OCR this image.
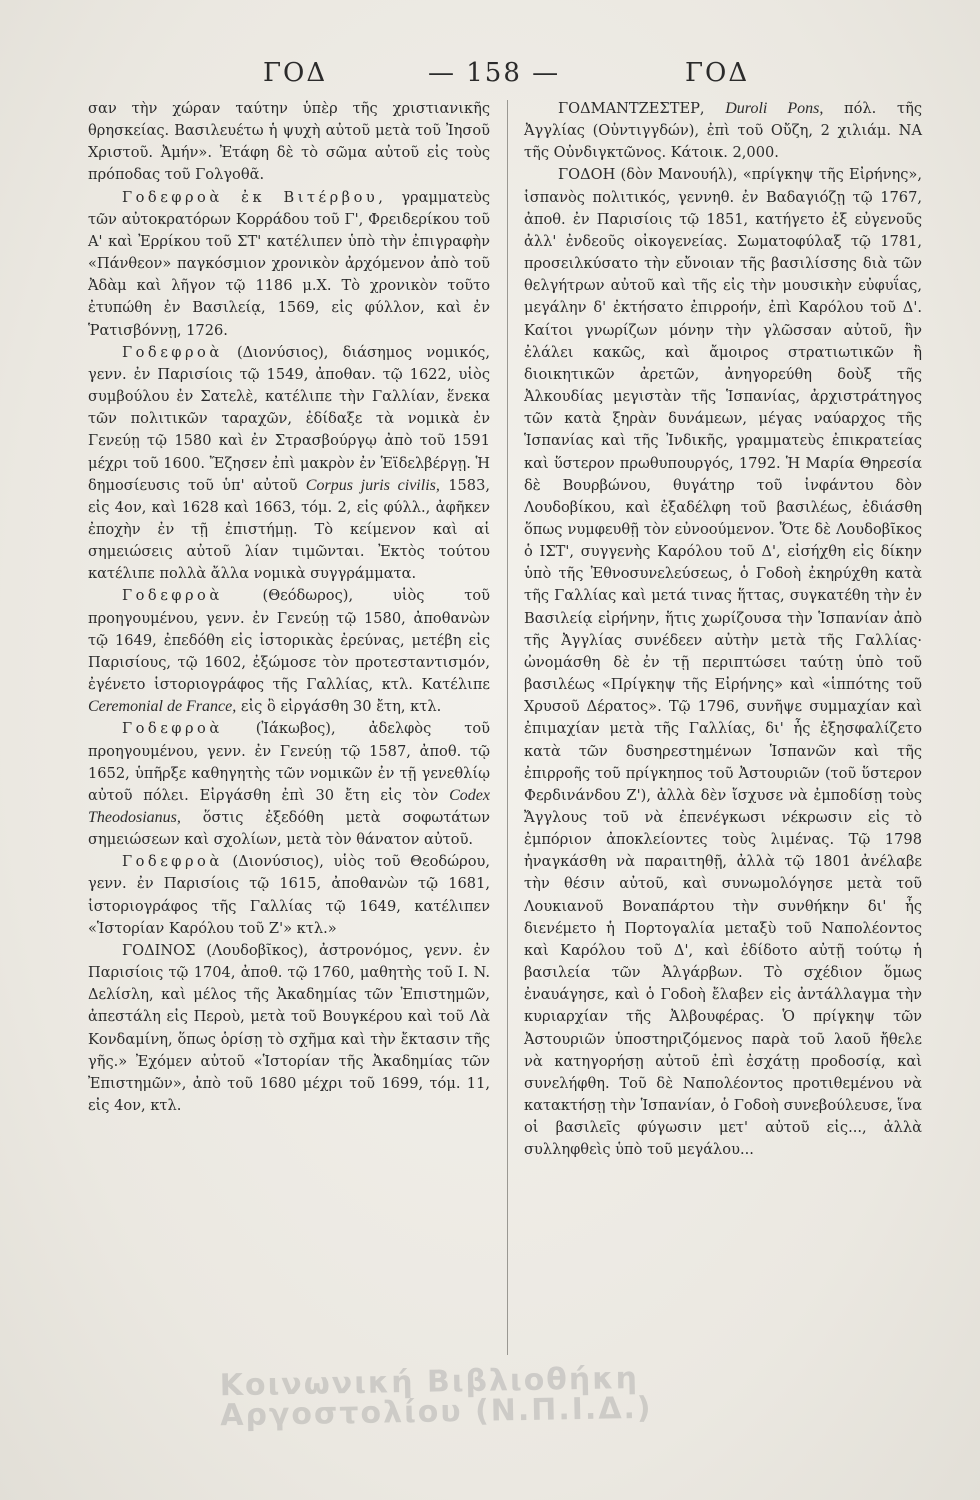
ΓΟΔ	— 158 —	ΓΟΔ

σαν τὴν χώραν ταύτην ὑπὲρ τῆς χριστιανικῆς θρησκείας. Βασιλευέτω ἡ ψυχὴ αὐτοῦ μετὰ τοῦ Ἰησοῦ Χριστοῦ. Ἀμήν». Ἐτάφη δὲ τὸ σῶμα αὐτοῦ εἰς τοὺς πρόποδας τοῦ Γολγοθᾶ.

Γοδεφροὰ ἐκ Βιτέρβου, γραμματεὺς τῶν αὐτοκρατόρων Κορράδου τοῦ Γ', Φρειδερίκου τοῦ Α' καὶ Ἐρρίκου τοῦ ΣΤ' κατέλιπεν ὑπὸ τὴν ἐπιγραφὴν «Πάνθεον» παγκόσμιον χρονικὸν ἀρχόμενον ἀπὸ τοῦ Ἀδὰμ καὶ λῆγον τῷ 1186 μ.Χ. Τὸ χρονικὸν τοῦτο ἐτυπώθη ἐν Βασιλείᾳ, 1569, εἰς φύλλον, καὶ ἐν Ῥατισβόννῃ, 1726.

Γοδεφροὰ (Διονύσιος), διάσημος νομικός, γενν. ἐν Παρισίοις τῷ 1549, ἀποθαν. τῷ 1622, υἱὸς συμβούλου ἐν Σατελὲ, κατέλιπε τὴν Γαλλίαν, ἕνεκα τῶν πολιτικῶν ταραχῶν, ἐδίδαξε τὰ νομικὰ ἐν Γενεύῃ τῷ 1580 καὶ ἐν Στρασβούργῳ ἀπὸ τοῦ 1591 μέχρι τοῦ 1600. Ἔζησεν ἐπὶ μακρὸν ἐν Ἑϊδελβέργῃ. Ἡ δημοσίευσις τοῦ ὑπ' αὐτοῦ Corpus juris civilis, 1583, εἰς 4ον, καὶ 1628 καὶ 1663, τόμ. 2, εἰς φύλλ., ἀφῆκεν ἐποχὴν ἐν τῇ ἐπιστήμῃ. Τὸ κείμενον καὶ αἱ σημειώσεις αὐτοῦ λίαν τιμῶνται. Ἐκτὸς τούτου κατέλιπε πολλὰ ἄλλα νομικὰ συγγράμματα.

Γοδεφροὰ (Θεόδωρος), υἱὸς τοῦ προηγουμένου, γενν. ἐν Γενεύῃ τῷ 1580, ἀποθανὼν τῷ 1649, ἐπεδόθη εἰς ἱστορικὰς ἐρεύνας, μετέβη εἰς Παρισίους, τῷ 1602, ἐξώμοσε τὸν προτεσταντισμόν, ἐγένετο ἱστοριογράφος τῆς Γαλλίας, κτλ. Κατέλιπε Ceremonial de France, εἰς ὃ εἰργάσθη 30 ἔτη, κτλ.

Γοδεφροὰ (Ἰάκωβος), ἀδελφὸς τοῦ προηγουμένου, γενν. ἐν Γενεύῃ τῷ 1587, ἀποθ. τῷ 1652, ὑπῆρξε καθηγητὴς τῶν νομικῶν ἐν τῇ γενεθλίῳ αὐτοῦ πόλει. Εἰργάσθη ἐπὶ 30 ἔτη εἰς τὸν Codex Theodosianus, ὅστις ἐξεδόθη μετὰ σοφωτάτων σημειώσεων καὶ σχολίων, μετὰ τὸν θάνατον αὐτοῦ.

Γοδεφροὰ (Διονύσιος), υἱὸς τοῦ Θεοδώρου, γενν. ἐν Παρισίοις τῷ 1615, ἀποθανὼν τῷ 1681, ἱστοριογράφος τῆς Γαλλίας τῷ 1649, κατέλιπεν «Ἱστορίαν Καρόλου τοῦ Ζ'» κτλ.»

ΓΟΔΙΝΟΣ (Λουδοβῖκος), ἀστρονόμος, γενν. ἐν Παρισίοις τῷ 1704, ἀποθ. τῷ 1760, μαθητὴς τοῦ I. N. Δελίσλη, καὶ μέλος τῆς Ἀκαδημίας τῶν Ἐπιστημῶν, ἀπεστάλη εἰς Περοὺ, μετὰ τοῦ Βουγκέρου καὶ τοῦ Λὰ Κονδαμίνη, ὅπως ὁρίσῃ τὸ σχῆμα καὶ τὴν ἔκτασιν τῆς γῆς.» Ἐχόμεν αὐτοῦ «Ἱστορίαν τῆς Ἀκαδημίας τῶν Ἐπιστημῶν», ἀπὸ τοῦ 1680 μέχρι τοῦ 1699, τόμ. 11, εἰς 4ον, κτλ.

ΓΟΔΜΑΝΤΖΕΣΤΕΡ, Duroli Pons, πόλ. τῆς Ἀγγλίας (Οὐντιγγδών), ἐπὶ τοῦ Οὔζη, 2 χιλιάμ. ΝΑ τῆς Οὐνδιγκτῶνος. Κάτοικ. 2,000.

ΓΟΔΟΗ (δὸν Μανουήλ), «πρίγκηψ τῆς Εἰρήνης», ἱσπανὸς πολιτικός, γεννηθ. ἐν Βαδαγιόζῃ τῷ 1767, ἀποθ. ἐν Παρισίοις τῷ 1851, κατήγετο ἐξ εὐγενοῦς ἀλλ' ἐνδεοῦς οἰκογενείας. Σωματοφύλαξ τῷ 1781, προσειλκύσατο τὴν εὔνοιαν τῆς βασιλίσσης διὰ τῶν θελγήτρων αὐτοῦ καὶ τῆς εἰς τὴν μουσικὴν εὐφυΐας, μεγάλην δ' ἐκτήσατο ἐπιρροήν, ἐπὶ Καρόλου τοῦ Δ'. Καίτοι γνωρίζων μόνην τὴν γλῶσσαν αὐτοῦ, ἣν ἐλάλει κακῶς, καὶ ἄμοιρος στρατιωτικῶν ἢ διοικητικῶν ἀρετῶν, ἀνηγορεύθη δοὺξ τῆς Ἀλκουδίας μεγιστὰν τῆς Ἱσπανίας, ἀρχιστράτηγος τῶν κατὰ ξηρὰν δυνάμεων, μέγας ναύαρχος τῆς Ἱσπανίας καὶ τῆς Ἰνδικῆς, γραμματεὺς ἐπικρατείας καὶ ὕστερον πρωθυπουργός, 1792. Ἡ Μαρία Θηρεσία δὲ Βουρβώνου, θυγάτηρ τοῦ ἰνφάντου δὸν Λουδοβίκου, καὶ ἐξαδέλφη τοῦ βασιλέως, ἐδιάσθη ὅπως νυμφευθῇ τὸν εὐνοούμενον. Ὅτε δὲ Λουδοβῖκος ὁ ΙΣΤ', συγγενὴς Καρόλου τοῦ Δ', εἰσήχθη εἰς δίκην ὑπὸ τῆς Ἐθνοσυνελεύσεως, ὁ Γοδοὴ ἐκηρύχθη κατὰ τῆς Γαλλίας καὶ μετά τινας ἥττας, συγκατέθη τὴν ἐν Βασιλείᾳ εἰρήνην, ἥτις χωρίζουσα τὴν Ἱσπανίαν ἀπὸ τῆς Ἀγγλίας συνέδεεν αὐτὴν μετὰ τῆς Γαλλίας· ὠνομάσθη δὲ ἐν τῇ περιπτώσει ταύτῃ ὑπὸ τοῦ βασιλέως «Πρίγκηψ τῆς Εἰρήνης» καὶ «ἱππότης τοῦ Χρυσοῦ Δέρατος». Τῷ 1796, συνῆψε συμμαχίαν καὶ ἐπιμαχίαν μετὰ τῆς Γαλλίας, δι' ἧς ἐξησφαλίζετο κατὰ τῶν δυσηρεστημένων Ἱσπανῶν καὶ τῆς ἐπιρροῆς τοῦ πρίγκηπος τοῦ Ἀστουριῶν (τοῦ ὕστερον Φερδινάνδου Ζ'), ἀλλὰ δὲν ἴσχυσε νὰ ἐμποδίσῃ τοὺς Ἄγγλους τοῦ νὰ ἐπενέγκωσι νέκρωσιν εἰς τὸ ἐμπόριον ἀποκλείοντες τοὺς λιμένας. Τῷ 1798 ἠναγκάσθη νὰ παραιτηθῇ, ἀλλὰ τῷ 1801 ἀνέλαβε τὴν θέσιν αὐτοῦ, καὶ συνωμολόγησε μετὰ τοῦ Λουκιανοῦ Βοναπάρτου τὴν συνθήκην δι' ἧς διενέμετο ἡ Πορτογαλία μεταξὺ τοῦ Ναπολέοντος καὶ Καρόλου τοῦ Δ', καὶ ἐδίδοτο αὐτῇ τούτῳ ἡ βασιλεία τῶν Ἀλγάρβων. Τὸ σχέδιον ὅμως ἐναυάγησε, καὶ ὁ Γοδοὴ ἔλαβεν εἰς ἀντάλλαγμα τὴν κυριαρχίαν τῆς Ἀλβουφέρας. Ὁ πρίγκηψ τῶν Ἀστουριῶν ὑποστηριζόμενος παρὰ τοῦ λαοῦ ἤθελε νὰ κατηγορήσῃ αὐτοῦ ἐπὶ ἐσχάτῃ προδοσίᾳ, καὶ συνελήφθη. Τοῦ δὲ Ναπολέοντος προτιθεμένου νὰ κατακτήσῃ τὴν Ἱσπανίαν, ὁ Γοδοὴ συνεβούλευσε, ἵνα οἱ βασιλεῖς φύγωσιν μετ' αὐτοῦ εἰς..., ἀλλὰ συλληφθεὶς ὑπὸ τοῦ μεγάλου...

Κοινωνική Βιβλιοθήκη
Αργοστολίου (Ν.Π.Ι.Δ.)
